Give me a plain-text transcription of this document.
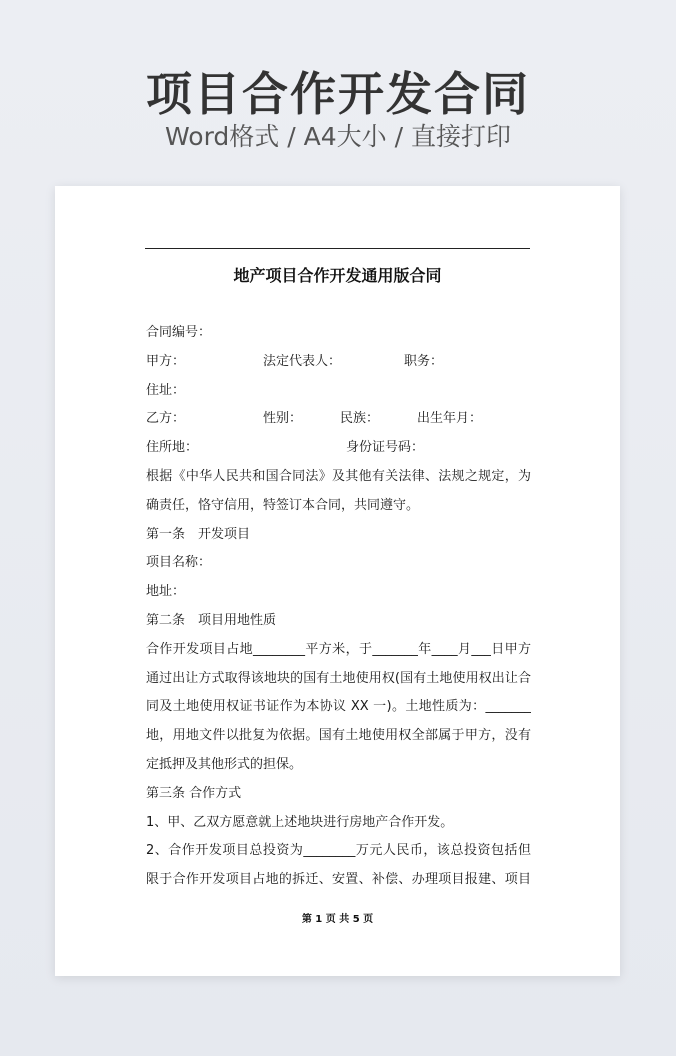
项目合作开发合同
Word格式 / A4大小 / 直接打印
地产项目合作开发通用版合同
合同编号：
甲方：	法定代表人：	职务：
住址：
乙方：	性别：	民族：	出生年月：
住所地：	身份证号码：
根据《中华人民共和国合同法》及其他有关法律、法规之规定，为
确责任，恪守信用，特签订本合同，共同遵守。
第一条　开发项目
项目名称：
地址：
第二条　项目用地性质
合作开发项目占地________平方米，于_______年____月___日甲方
通过出让方式取得该地块的国有土地使用权(国有土地使用权出让合
同及土地使用权证书证作为本协议 XX 一)。土地性质为：_______
地，用地文件以批复为依据。国有土地使用权全部属于甲方，没有
定抵押及其他形式的担保。
第三条 合作方式
1、甲、乙双方愿意就上述地块进行房地产合作开发。
2、合作开发项目总投资为________万元人民币，该总投资包括但
限于合作开发项目占地的拆迁、安置、补偿、办理项目报建、项目
第 1 页 共 5 页
